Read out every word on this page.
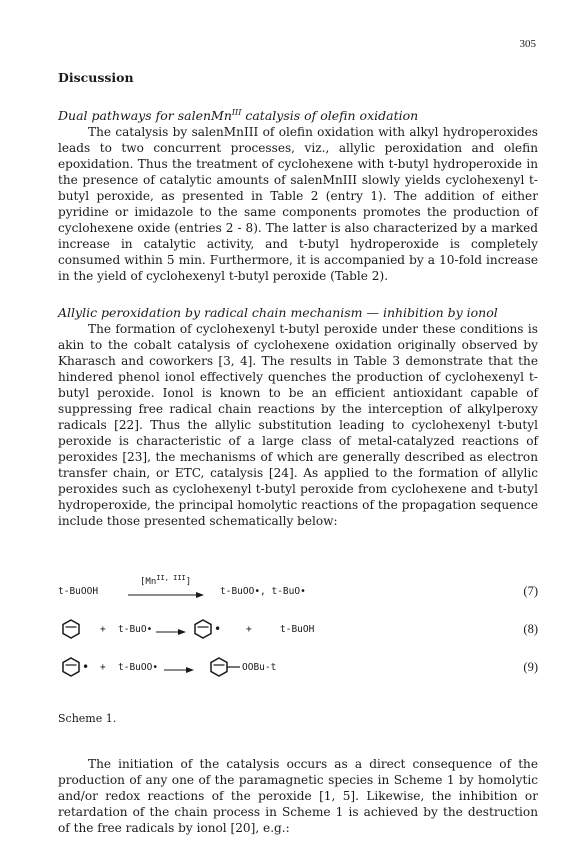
305
Discussion
Dual pathways for salenMn$^{III}$ catalysis of olefin oxidation

The catalysis by salenMnIII of olefin oxidation with alkyl hydroperoxides leads to two concurrent processes, viz., allylic peroxidation and olefin epoxidation. Thus the treatment of cyclohexene with t-butyl hydroperoxide in the presence of catalytic amounts of salenMnIII slowly yields cyclohexenyl t-butyl peroxide, as presented in Table 2 (entry 1). The addition of either pyridine or imidazole to the same components promotes the production of cyclohexene oxide (entries 2 - 8). The latter is also characterized by a marked increase in catalytic activity, and t-butyl hydroperoxide is completely consumed within 5 min. Furthermore, it is accompanied by a 10-fold increase in the yield of cyclohexenyl t-butyl peroxide (Table 2).

Allylic peroxidation by radical chain mechanism — inhibition by ionol

The formation of cyclohexenyl t-butyl peroxide under these conditions is akin to the cobalt catalysis of cyclohexene oxidation originally observed by Kharasch and coworkers [3, 4]. The results in Table 3 demonstrate that the hindered phenol ionol effectively quenches the production of cyclohexenyl t-butyl peroxide. Ionol is known to be an efficient antioxidant capable of suppressing free radical chain reactions by the interception of alkylperoxy radicals [22]. Thus the allylic substitution leading to cyclohexenyl t-butyl peroxide is characteristic of a large class of metal-catalyzed reactions of peroxides [23], the mechanisms of which are generally described as electron transfer chain, or ETC, catalysis [24]. As applied to the formation of allylic peroxides such as cyclohexenyl t-butyl peroxide from cyclohexene and t-butyl hydroperoxide, the principal homolytic reactions of the propagation sequence include those presented schematically below:

t-BuOOH
$[Mn^{II, III}]$
t-BuOO•, t-BuO•	(7)
+ t-BuO• → •	+	t-BuOH	(8)
• + t-BuOO• →	OOBu-t	(9)
Scheme 1.

The initiation of the catalysis occurs as a direct consequence of the production of any one of the paramagnetic species in Scheme 1 by homolytic and/or redox reactions of the peroxide [1, 5]. Likewise, the inhibition or retardation of the chain process in Scheme 1 is achieved by the destruction of the free radicals by ionol [20], e.g.:
